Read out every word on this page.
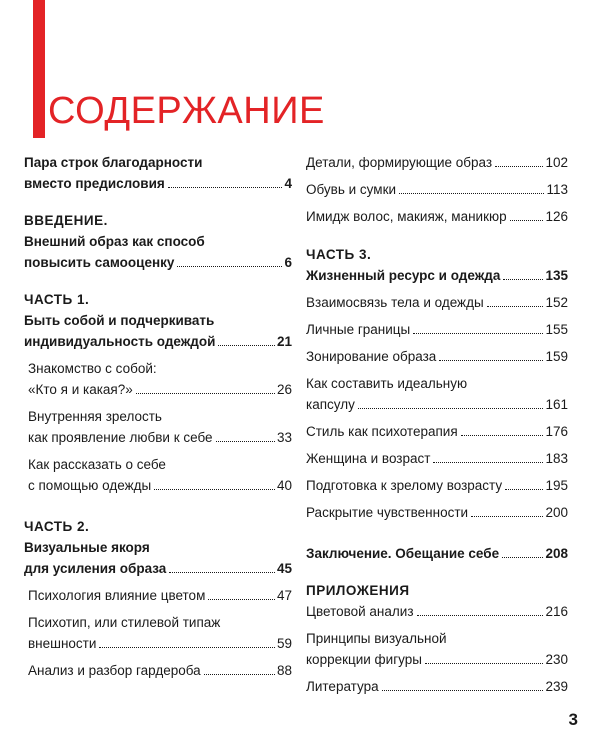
СОДЕРЖАНИЕ
Пара строк благодарности
вместо предисловия	4
ВВЕДЕНИЕ.
Внешний образ как способ
повысить самооценку	6
ЧАСТЬ 1.
Быть собой и подчеркивать
индивидуальность одеждой	21
Знакомство с собой:
«Кто я и какая?»	26
Внутренняя зрелость
как проявление любви к себе	33
Как рассказать о себе
с помощью одежды	40
ЧАСТЬ 2.
Визуальные якоря
для усиления образа	45
Психология влияние цветом	47
Психотип, или стилевой типаж
внешности	59
Анализ и разбор гардероба	88
Детали, формирующие образ	102
Обувь и сумки	113
Имидж волос, макияж, маникюр	126
ЧАСТЬ 3.
Жизненный ресурс и одежда	135
Взаимосвязь тела и одежды	152
Личные границы	155
Зонирование образа	159
Как составить идеальную
капсулу	161
Стиль как психотерапия	176
Женщина и возраст	183
Подготовка к зрелому возрасту	195
Раскрытие чувственности	200
Заключение. Обещание себе	208
ПРИЛОЖЕНИЯ
Цветовой анализ	216
Принципы визуальной
коррекции фигуры	230
Литература	239

3
